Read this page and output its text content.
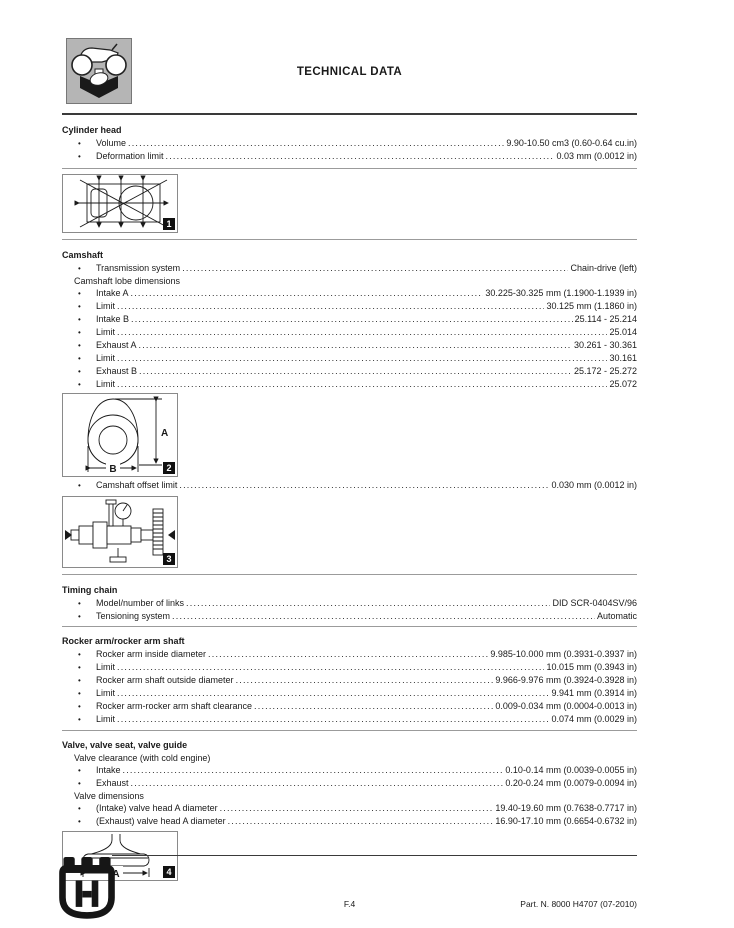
TECHNICAL DATA
Cylinder head
•
Volume .....	9.90-10.50 cm3 (0.60-0.64 cu.in)
•
Deformation limit .....	0.03 mm (0.0012 in)
1
Camshaft
•
Transmission system .....	Chain-drive (left)
Camshaft lobe dimensions
•
Intake A .....	30.225-30.325 mm (1.1900-1.1939 in)
•
Limit .....	30.125 mm (1.1860 in)
•
Intake B .....	25.114 - 25.214
•
Limit .....	25.014
•
Exhaust A .....	30.261 - 30.361
•
Limit .....	30.161
•
Exhaust B .....	25.172 - 25.272
•
Limit .....	25.072
B
A
2
•
Camshaft offset limit .....	0.030 mm (0.0012 in)
3
Timing chain
•
Model/number of links .....	DID SCR-0404SV/96
•
Tensioning system .....	Automatic
Rocker arm/rocker arm shaft
•
Rocker arm inside diameter .....	9.985-10.000 mm (0.3931-0.3937 in)
•
Limit .....	10.015 mm (0.3943 in)
•
Rocker arm shaft outside diameter .....	9.966-9.976 mm (0.3924-0.3928 in)
•
Limit .....	9.941 mm (0.3914 in)
•
Rocker arm-rocker arm shaft clearance .....	0.009-0.034 mm (0.0004-0.0013 in)
•
Limit .....	0.074 mm (0.0029 in)
Valve, valve seat, valve guide
Valve clearance (with cold engine)
•
Intake .....	0.10-0.14 mm (0.0039-0.0055 in)
•
Exhaust .....	0.20-0.24 mm (0.0079-0.0094 in)
Valve dimensions
•
(Intake) valve head A diameter .....	19.40-19.60 mm (0.7638-0.7717 in)
•
(Exhaust) valve head A diameter .....	16.90-17.10 mm (0.6654-0.6732 in)
A	4
F.4	Part. N. 8000 H4707 (07-2010)
